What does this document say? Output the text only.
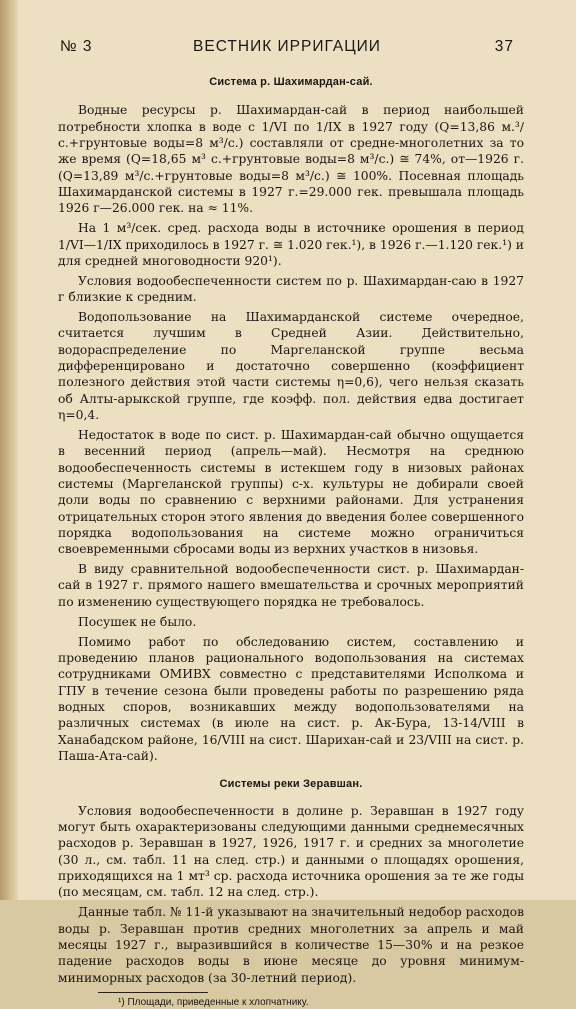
№ 3	ВЕСТНИК ИРРИГАЦИИ	37
Система р. Шахимардан-сай.

Водные ресурсы р. Шахимардан-сай в период наибольшей потребности хлопка в воде с 1/VI по 1/IX в 1927 году (Q=13,86 м.³/с.+грунтовые воды=8 м³/с.) составляли от средне-многолетних за то же время (Q=18,65 м³ с.+грунтовые воды=8 м³/с.) ≅ 74%, от—1926 г. (Q=13,89 м³/с.+грунтовые воды=8 м³/с.) ≅ 100%. Посевная площадь Шахимарданской системы в 1927 г.=29.000 гек. превышала площадь 1926 г—26.000 гек. на ≈ 11%.

На 1 м³/сек. сред. расхода воды в источнике орошения в период 1/VI—1/IX приходилось в 1927 г. ≅ 1.020 гек.¹), в 1926 г.—1.120 гек.¹) и для средней многоводности 920¹).

Условия водообеспеченности систем по р. Шахимардан-саю в 1927 г близкие к средним.

Водопользование на Шахимарданской системе очередное, считается лучшим в Средней Азии. Действительно, водораспределение по Маргеланской группе весьма дифференцировано и достаточно совершенно (коэффициент полезного действия этой части системы η=0,6), чего нельзя сказать об Алты-арыкской группе, где коэфф. пол. действия едва достигает η=0,4.

Недостаток в воде по сист. р. Шахимардан-сай обычно ощущается в весенний период (апрель—май). Несмотря на среднюю водообеспеченность системы в истекшем году в низовых районах системы (Маргеланской группы) с-х. культуры не добирали своей доли воды по сравнению с верхними районами. Для устранения отрицательных сторон этого явления до введения более совершенного порядка водопользования на системе можно ограничиться своевременными сбросами воды из верхних участков в низовья.

В виду сравнительной водообеспеченности сист. р. Шахимардан-сай в 1927 г. прямого нашего вмешательства и срочных мероприятий по изменению существующего порядка не требовалось.

Посушек не было.

Помимо работ по обследованию систем, составлению и проведению планов рационального водопользования на системах сотрудниками ОМИВХ совместно с представителями Исполкома и ГПУ в течение сезона были проведены работы по разрешению ряда водных споров, возникавших между водопользователями на различных системах (в июле на сист. р. Ак-Бура, 13-14/VIII в Ханабадском районе, 16/VIII на сист. Шарихан-сай и 23/VIII на сист. р. Паша-Ата-сай).

Системы реки Зеравшан.

Условия водообеспеченности в долине р. Зеравшан в 1927 году могут быть охарактеризованы следующими данными среднемесячных расходов р. Зеравшан в 1927, 1926, 1917 г. и средних за многолетие (30 л., см. табл. 11 на след. стр.) и данными о площадях орошения, приходящихся на 1 мт³ ср. расхода источника орошения за те же годы (по месяцам, см. табл. 12 на след. стр.).

Данные табл. № 11-й указывают на значительный недобор расходов воды р. Зеравшан против средних многолетних за апрель и май месяцы 1927 г., выразившийся в количестве 15—30% и на резкое падение расходов воды в июне месяце до уровня минимум-миниморных расходов (за 30-летний период).

¹) Площади, приведенные к хлопчатнику.
